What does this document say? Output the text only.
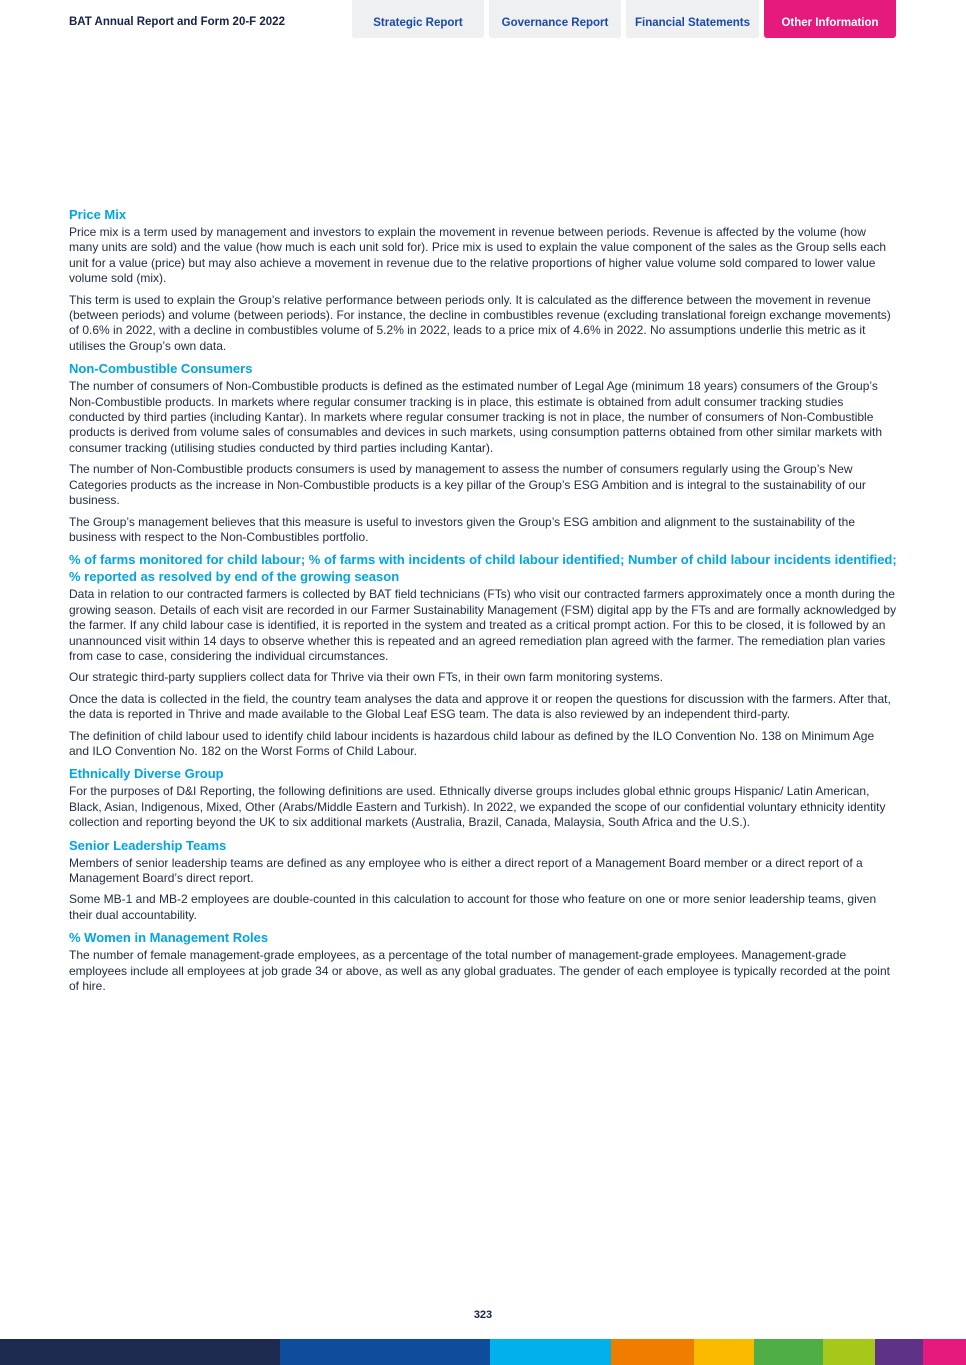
BAT Annual Report and Form 20-F 2022	Strategic Report	Governance Report	Financial Statements	Other Information
Price Mix

Price mix is a term used by management and investors to explain the movement in revenue between periods. Revenue is affected by the volume (how many units are sold) and the value (how much is each unit sold for). Price mix is used to explain the value component of the sales as the Group sells each unit for a value (price) but may also achieve a movement in revenue due to the relative proportions of higher value volume sold compared to lower value volume sold (mix).

This term is used to explain the Group’s relative performance between periods only. It is calculated as the difference between the movement in revenue (between periods) and volume (between periods). For instance, the decline in combustibles revenue (excluding translational foreign exchange movements) of 0.6% in 2022, with a decline in combustibles volume of 5.2% in 2022, leads to a price mix of 4.6% in 2022. No assumptions underlie this metric as it utilises the Group’s own data.

Non-Combustible Consumers

The number of consumers of Non-Combustible products is defined as the estimated number of Legal Age (minimum 18 years) consumers of the Group’s Non-Combustible products. In markets where regular consumer tracking is in place, this estimate is obtained from adult consumer tracking studies conducted by third parties (including Kantar). In markets where regular consumer tracking is not in place, the number of consumers of Non-Combustible products is derived from volume sales of consumables and devices in such markets, using consumption patterns obtained from other similar markets with consumer tracking (utilising studies conducted by third parties including Kantar).

The number of Non-Combustible products consumers is used by management to assess the number of consumers regularly using the Group’s New Categories products as the increase in Non-Combustible products is a key pillar of the Group’s ESG Ambition and is integral to the sustainability of our business.

The Group’s management believes that this measure is useful to investors given the Group’s ESG ambition and alignment to the sustainability of the business with respect to the Non-Combustibles portfolio.

% of farms monitored for child labour; % of farms with incidents of child labour identified; Number of child labour incidents identified; % reported as resolved by end of the growing season

Data in relation to our contracted farmers is collected by BAT field technicians (FTs) who visit our contracted farmers approximately once a month during the growing season. Details of each visit are recorded in our Farmer Sustainability Management (FSM) digital app by the FTs and are formally acknowledged by the farmer. If any child labour case is identified, it is reported in the system and treated as a critical prompt action. For this to be closed, it is followed by an unannounced visit within 14 days to observe whether this is repeated and an agreed remediation plan agreed with the farmer. The remediation plan varies from case to case, considering the individual circumstances.

Our strategic third-party suppliers collect data for Thrive via their own FTs, in their own farm monitoring systems.

Once the data is collected in the field, the country team analyses the data and approve it or reopen the questions for discussion with the farmers. After that, the data is reported in Thrive and made available to the Global Leaf ESG team. The data is also reviewed by an independent third-party.

The definition of child labour used to identify child labour incidents is hazardous child labour as defined by the ILO Convention No. 138 on Minimum Age and ILO Convention No. 182 on the Worst Forms of Child Labour.

Ethnically Diverse Group

For the purposes of D&I Reporting, the following definitions are used. Ethnically diverse groups includes global ethnic groups Hispanic/ Latin American, Black, Asian, Indigenous, Mixed, Other (Arabs/Middle Eastern and Turkish). In 2022, we expanded the scope of our confidential voluntary ethnicity identity collection and reporting beyond the UK to six additional markets (Australia, Brazil, Canada, Malaysia, South Africa and the U.S.).

Senior Leadership Teams

Members of senior leadership teams are defined as any employee who is either a direct report of a Management Board member or a direct report of a Management Board’s direct report.

Some MB-1 and MB-2 employees are double-counted in this calculation to account for those who feature on one or more senior leadership teams, given their dual accountability.

% Women in Management Roles

The number of female management-grade employees, as a percentage of the total number of management-grade employees. Management-grade employees include all employees at job grade 34 or above, as well as any global graduates. The gender of each employee is typically recorded at the point of hire.

323
